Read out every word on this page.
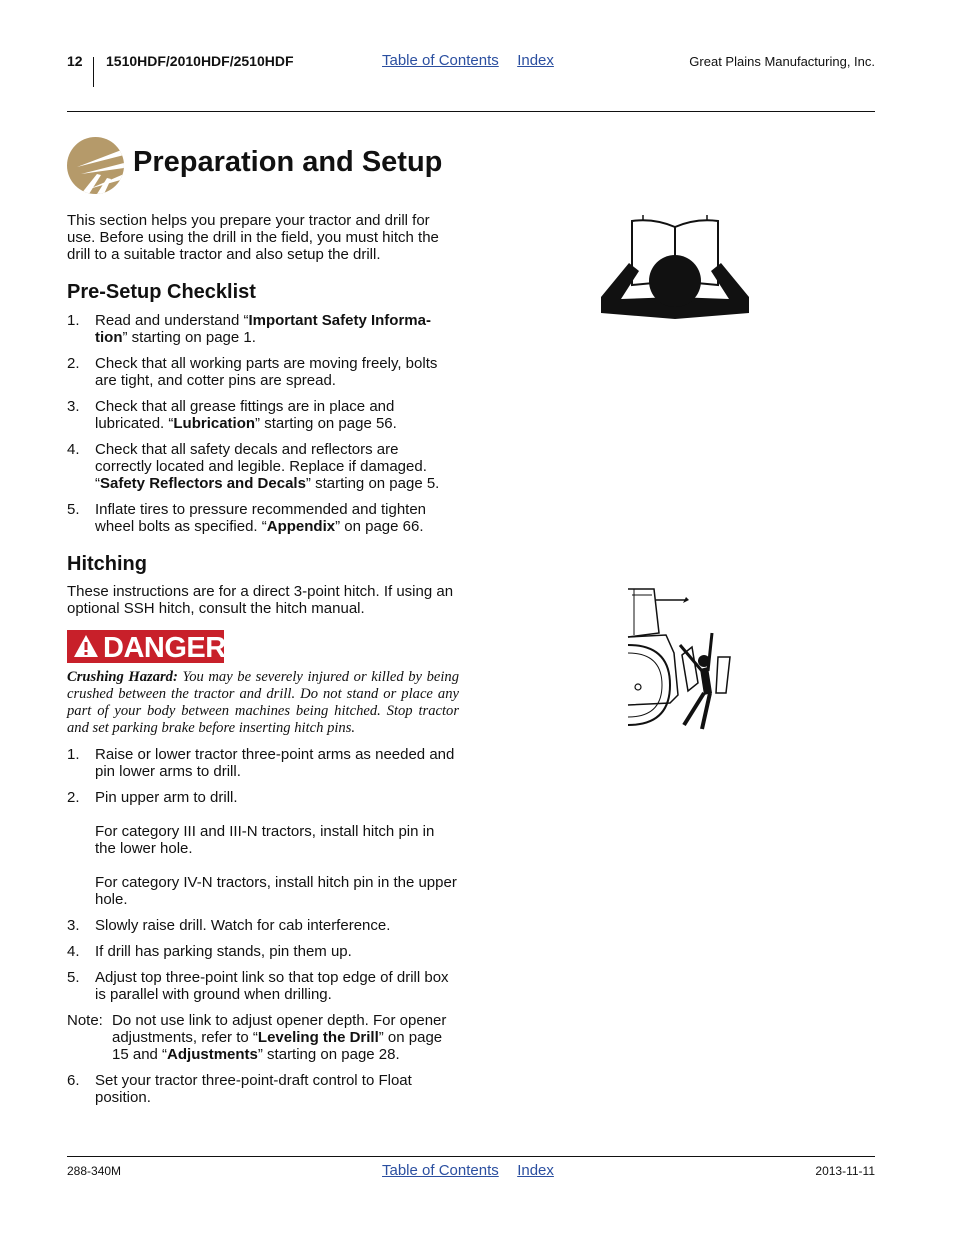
12 1510HDF/2010HDF/2510HDF	Table of Contents Index	Great Plains Manufacturing, Inc.
Preparation and Setup
This section helps you prepare your tractor and drill for use. Before using the drill in the field, you must hitch the drill to a suitable tractor and also setup the drill.
Pre-Setup Checklist
1. Read and understand “Important Safety Informa-tion” starting on page 1.
2. Check that all working parts are moving freely, bolts are tight, and cotter pins are spread.
3. Check that all grease fittings are in place and lubricated. “Lubrication” starting on page 56.
4. Check that all safety decals and reflectors are correctly located and legible. Replace if damaged. “Safety Reflectors and Decals” starting on page 5.
5. Inflate tires to pressure recommended and tighten wheel bolts as specified. “Appendix” on page 66.
Hitching
These instructions are for a direct 3-point hitch. If using an optional SSH hitch, consult the hitch manual.
DANGER
Crushing Hazard: You may be severely injured or killed by being crushed between the tractor and drill. Do not stand or place any part of your body between machines being hitched. Stop tractor and set parking brake before inserting hitch pins.
1. Raise or lower tractor three-point arms as needed and pin lower arms to drill.
2. Pin upper arm to drill.

For category III and III-N tractors, install hitch pin in the lower hole.

For category IV-N tractors, install hitch pin in the upper hole.

3. Slowly raise drill. Watch for cab interference.
4. If drill has parking stands, pin them up.
5. Adjust top three-point link so that top edge of drill box is parallel with ground when drilling.
Note: Do not use link to adjust opener depth. For opener adjustments, refer to “Leveling the Drill” on page 15 and “Adjustments” starting on page 28.
6. Set your tractor three-point-draft control to Float position.
288-340M	Table of Contents Index	2013-11-11
